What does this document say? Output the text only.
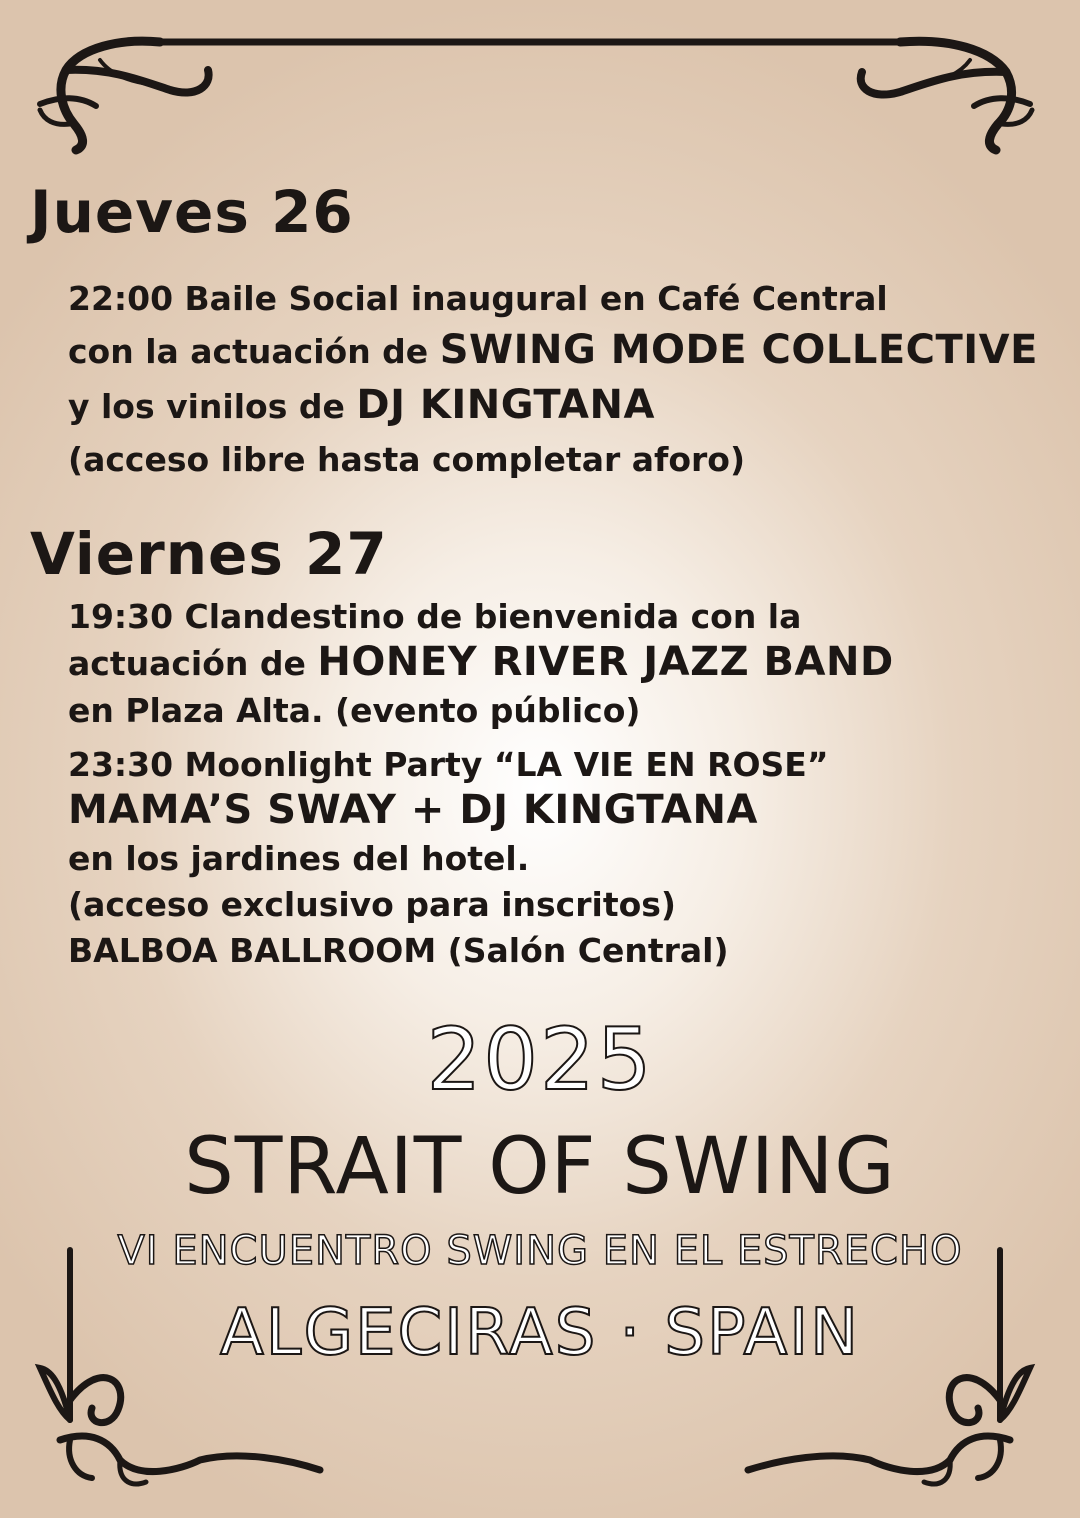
Jueves 26

22:00 Baile Social inaugural en Café Central

con la actuación de SWING MODE COLLECTIVE

y los vinilos de DJ KINGTANA

(acceso libre hasta completar aforo)

Viernes 27

19:30 Clandestino de bienvenida con la

actuación de HONEY RIVER JAZZ BAND

en Plaza Alta. (evento público)

23:30 Moonlight Party “LA VIE EN ROSE”

MAMA’S SWAY + DJ KINGTANA

en los jardines del hotel.

(acceso exclusivo para inscritos)

BALBOA BALLROOM (Salón Central)

2025
STRAIT OF SWING
VI ENCUENTRO SWING EN EL ESTRECHO
ALGECIRAS · SPAIN
